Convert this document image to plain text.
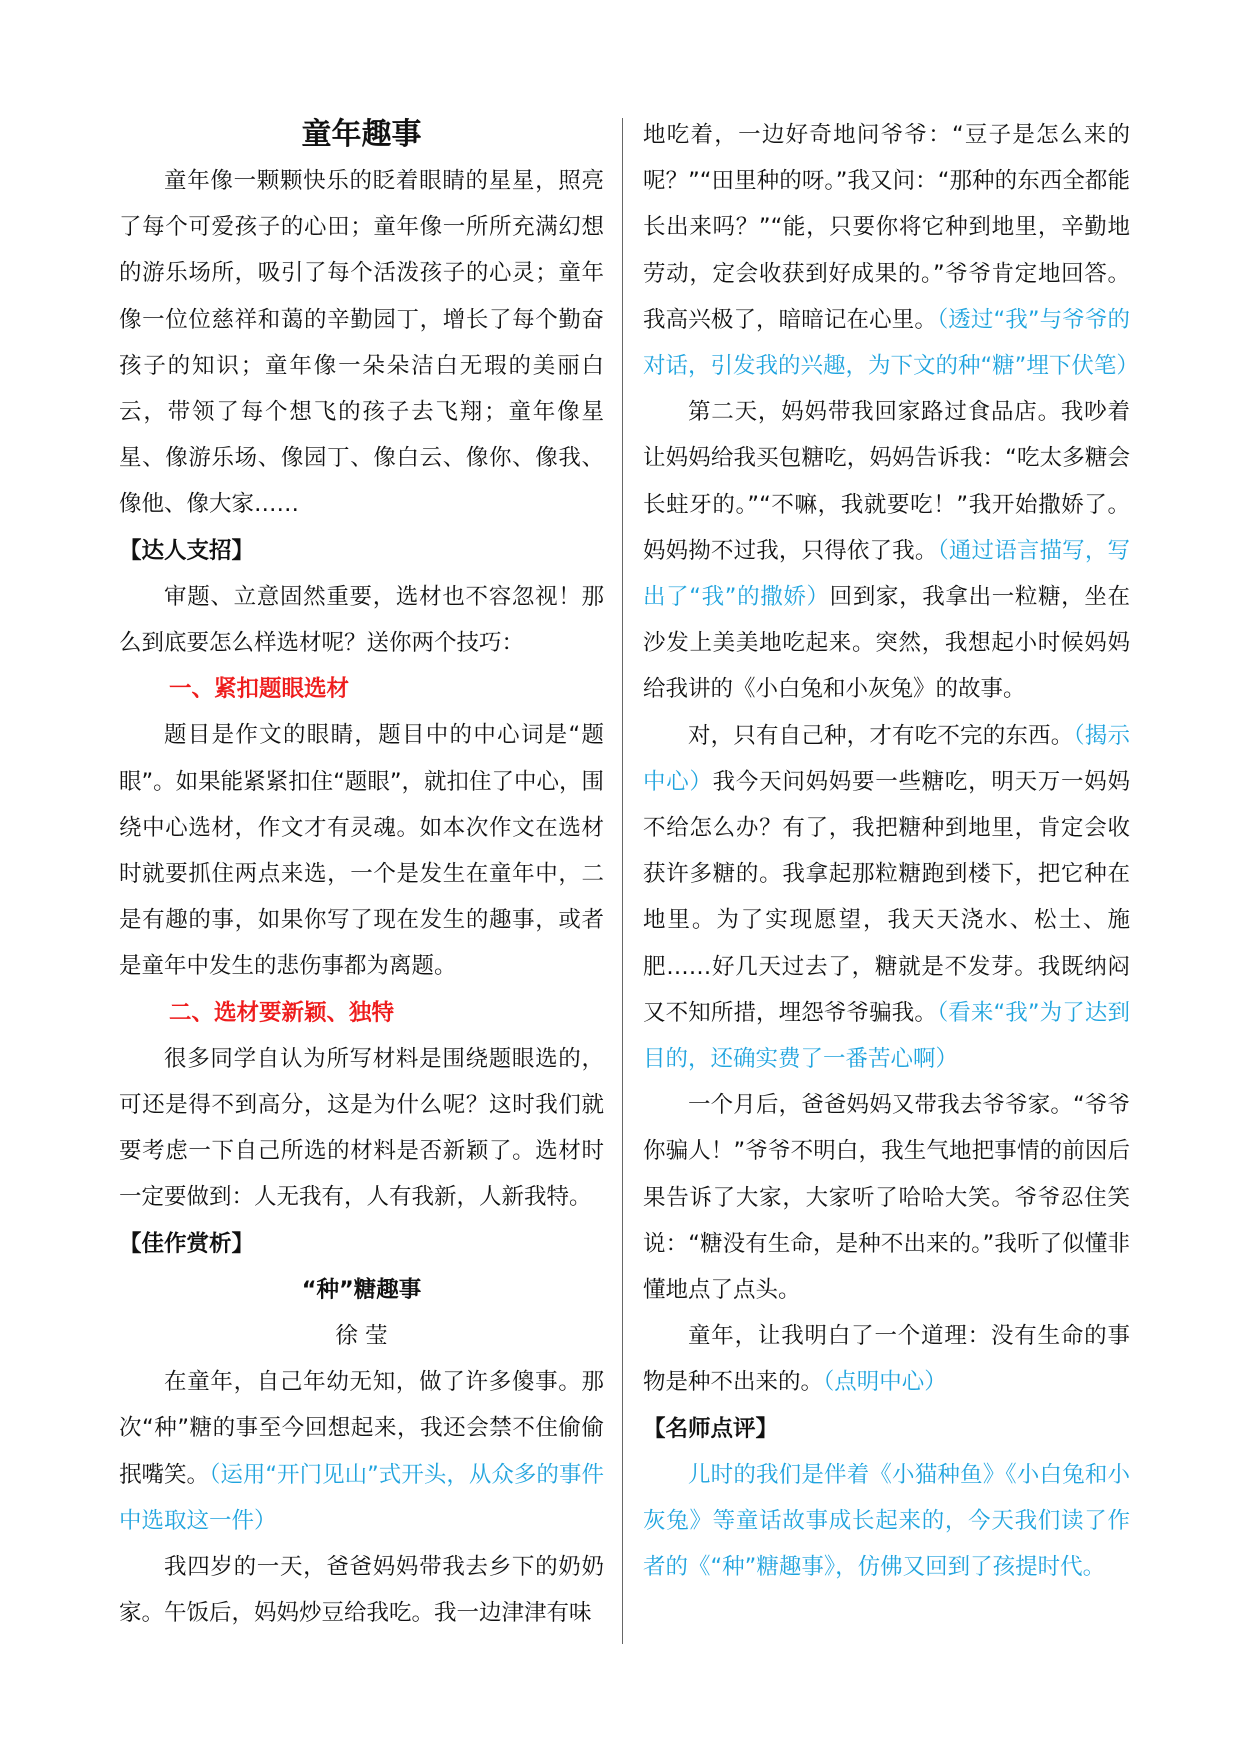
童年趣事

童年像一颗颗快乐的眨着眼睛的星星，照亮了每个可爱孩子的心田；童年像一所所充满幻想的游乐场所，吸引了每个活泼孩子的心灵；童年像一位位慈祥和蔼的辛勤园丁，增长了每个勤奋孩子的知识；童年像一朵朵洁白无瑕的美丽白云，带领了每个想飞的孩子去飞翔；童年像星星、像游乐场、像园丁、像白云、像你、像我、像他、像大家……

【达人支招】

审题、立意固然重要，选材也不容忽视！那么到底要怎么样选材呢？送你两个技巧：

一、紧扣题眼选材

题目是作文的眼睛，题目中的中心词是“题眼”。如果能紧紧扣住“题眼”，就扣住了中心，围绕中心选材，作文才有灵魂。如本次作文在选材时就要抓住两点来选，一个是发生在童年中，二是有趣的事，如果你写了现在发生的趣事，或者是童年中发生的悲伤事都为离题。

二、选材要新颖、独特

很多同学自认为所写材料是围绕题眼选的，可还是得不到高分，这是为什么呢？这时我们就要考虑一下自己所选的材料是否新颖了。选材时一定要做到：人无我有，人有我新，人新我特。

【佳作赏析】

“种”糖趣事

徐 莹

在童年，自己年幼无知，做了许多傻事。那次“种”糖的事至今回想起来，我还会禁不住偷偷抿嘴笑。（运用“开门见山”式开头，从众多的事件中选取这一件）

我四岁的一天，爸爸妈妈带我去乡下的奶奶家。午饭后，妈妈炒豆给我吃。我一边津津有味

地吃着，一边好奇地问爷爷：“豆子是怎么来的呢？”“田里种的呀。”我又问：“那种的东西全都能长出来吗？”“能，只要你将它种到地里，辛勤地劳动，定会收获到好成果的。”爷爷肯定地回答。我高兴极了，暗暗记在心里。（透过“我”与爷爷的对话，引发我的兴趣，为下文的种“糖”埋下伏笔）

第二天，妈妈带我回家路过食品店。我吵着让妈妈给我买包糖吃，妈妈告诉我：“吃太多糖会长蛀牙的。”“不嘛，我就要吃！”我开始撒娇了。妈妈拗不过我，只得依了我。（通过语言描写，写出了“我”的撒娇）回到家，我拿出一粒糖，坐在沙发上美美地吃起来。突然，我想起小时候妈妈给我讲的《小白兔和小灰兔》的故事。

对，只有自己种，才有吃不完的东西。（揭示中心）我今天问妈妈要一些糖吃，明天万一妈妈不给怎么办？有了，我把糖种到地里，肯定会收获许多糖的。我拿起那粒糖跑到楼下，把它种在地里。为了实现愿望，我天天浇水、松土、施肥……好几天过去了，糖就是不发芽。我既纳闷又不知所措，埋怨爷爷骗我。（看来“我”为了达到目的，还确实费了一番苦心啊）

一个月后，爸爸妈妈又带我去爷爷家。“爷爷你骗人！”爷爷不明白，我生气地把事情的前因后果告诉了大家，大家听了哈哈大笑。爷爷忍住笑说：“糖没有生命，是种不出来的。”我听了似懂非懂地点了点头。

童年，让我明白了一个道理：没有生命的事物是种不出来的。（点明中心）

【名师点评】

儿时的我们是伴着《小猫种鱼》《小白兔和小灰兔》等童话故事成长起来的，今天我们读了作者的《“种”糖趣事》，仿佛又回到了孩提时代。
